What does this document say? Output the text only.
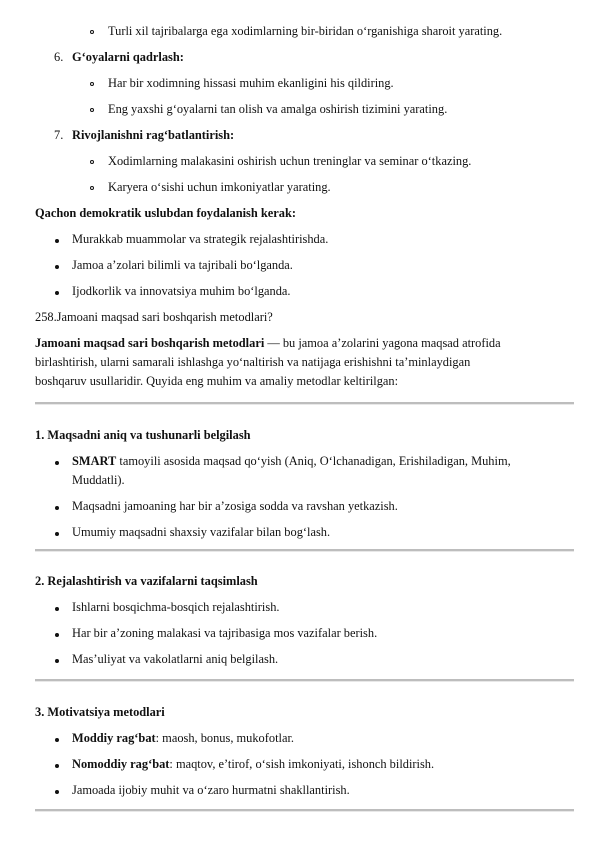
Turli xil tajribalarga ega xodimlarning bir-biridan o‘rganishiga sharoit yarating.
6. G‘oyalarni qadrlash:
Har bir xodimning hissasi muhim ekanligini his qildiring.
Eng yaxshi g‘oyalarni tan olish va amalga oshirish tizimini yarating.
7. Rivojlanishni rag‘batlantirish:
Xodimlarning malakasini oshirish uchun treninglar va seminar o‘tkazing.
Karyera o‘sishi uchun imkoniyatlar yarating.
Qachon demokratik uslubdan foydalanish kerak:
Murakkab muammolar va strategik rejalashtirishda.
Jamoa a’zolari bilimli va tajribali bo‘lganda.
Ijodkorlik va innovatsiya muhim bo‘lganda.
258.Jamoani maqsad sari boshqarish metodlari?
Jamoani maqsad sari boshqarish metodlari — bu jamoa a’zolarini yagona maqsad atrofida
birlashtirish, ularni samarali ishlashga yo‘naltirish va natijaga erishishni ta’minlaydigan
boshqaruv usullaridir. Quyida eng muhim va amaliy metodlar keltirilgan:
1. Maqsadni aniq va tushunarli belgilash
SMART tamoyili asosida maqsad qo‘yish (Aniq, O‘lchanadigan, Erishiladigan, Muhim,
Muddatli).
Maqsadni jamoaning har bir a’zosiga sodda va ravshan yetkazish.
Umumiy maqsadni shaxsiy vazifalar bilan bog‘lash.
2. Rejalashtirish va vazifalarni taqsimlash
Ishlarni bosqichma-bosqich rejalashtirish.
Har bir a’zoning malakasi va tajribasiga mos vazifalar berish.
Mas’uliyat va vakolatlarni aniq belgilash.
3. Motivatsiya metodlari
Moddiy rag‘bat: maosh, bonus, mukofotlar.
Nomoddiy rag‘bat: maqtov, e’tirof, o‘sish imkoniyati, ishonch bildirish.
Jamoada ijobiy muhit va o‘zaro hurmatni shakllantirish.
